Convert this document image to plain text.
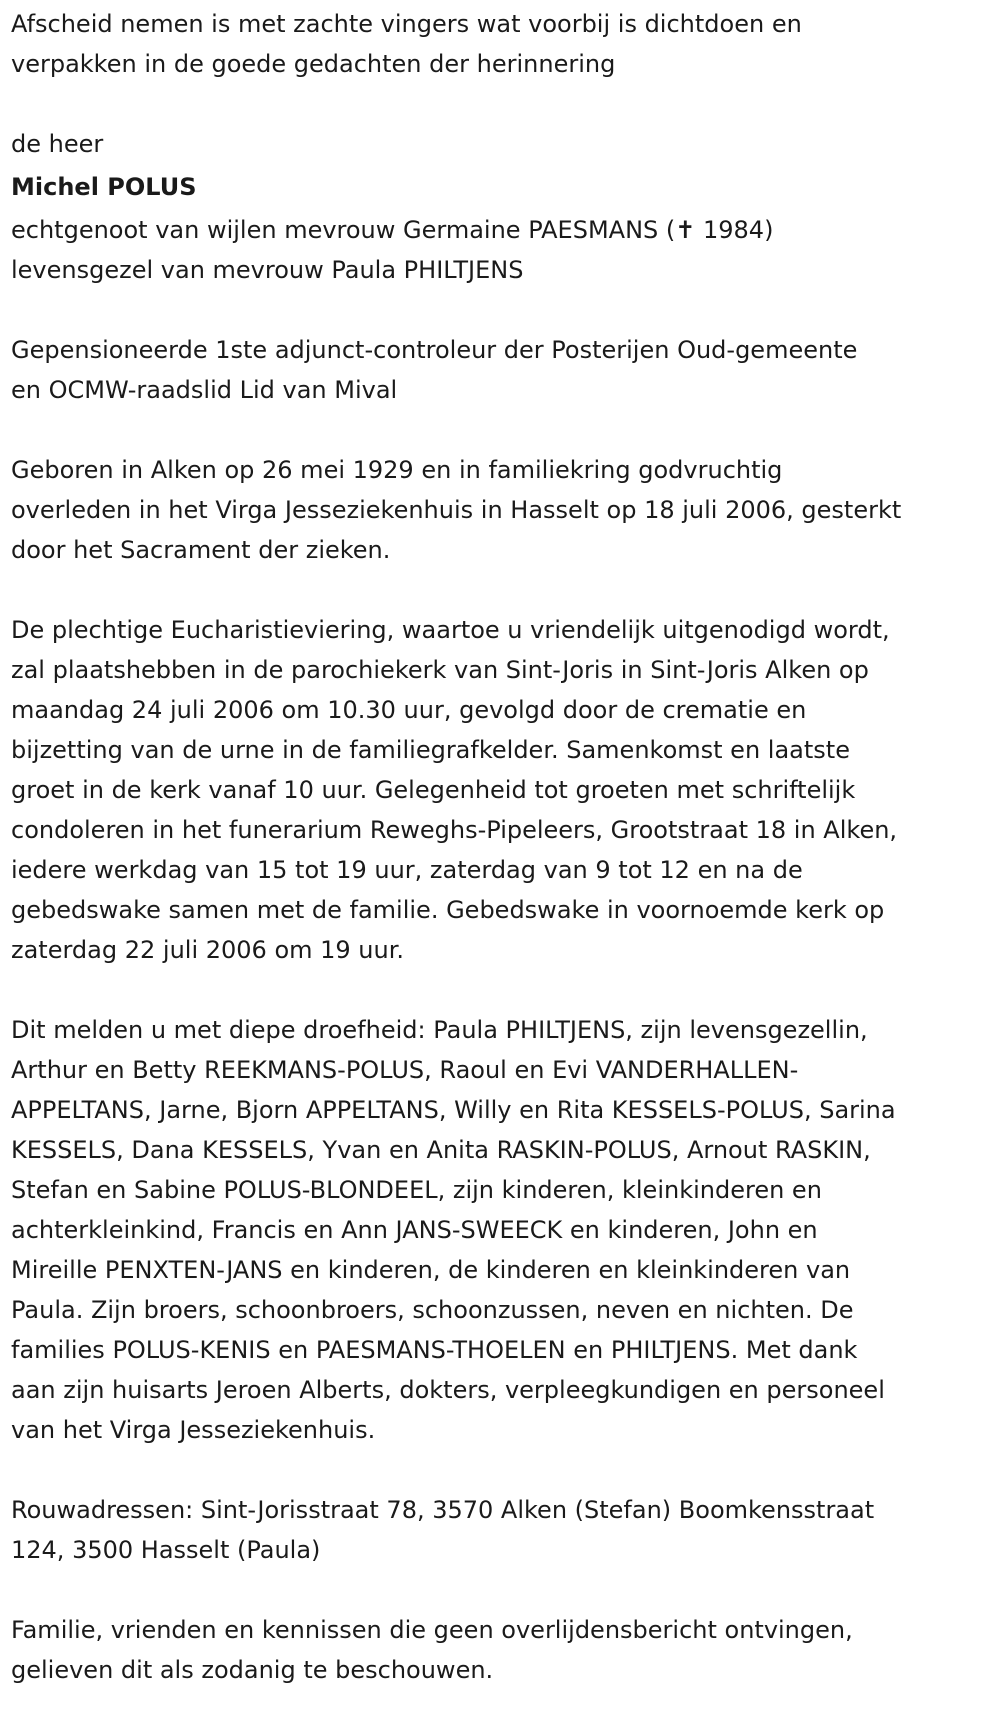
Afscheid nemen is met zachte vingers wat voorbij is dichtdoen en
verpakken in de goede gedachten der herinnering

de heer

Michel POLUS

echtgenoot van wijlen mevrouw Germaine PAESMANS (✝ 1984)
levensgezel van mevrouw Paula PHILTJENS

Gepensioneerde 1ste adjunct-controleur der Posterijen Oud-gemeente
en OCMW-raadslid Lid van Mival

Geboren in Alken op 26 mei 1929 en in familiekring godvruchtig
overleden in het Virga Jesseziekenhuis in Hasselt op 18 juli 2006, gesterkt
door het Sacrament der zieken.

De plechtige Eucharistieviering, waartoe u vriendelijk uitgenodigd wordt,
zal plaatshebben in de parochiekerk van Sint-Joris in Sint-Joris Alken op
maandag 24 juli 2006 om 10.30 uur, gevolgd door de crematie en
bijzetting van de urne in de familiegrafkelder. Samenkomst en laatste
groet in de kerk vanaf 10 uur. Gelegenheid tot groeten met schriftelijk
condoleren in het funerarium Reweghs-Pipeleers, Grootstraat 18 in Alken,
iedere werkdag van 15 tot 19 uur, zaterdag van 9 tot 12 en na de
gebedswake samen met de familie. Gebedswake in voornoemde kerk op
zaterdag 22 juli 2006 om 19 uur.

Dit melden u met diepe droefheid: Paula PHILTJENS, zijn levensgezellin,
Arthur en Betty REEKMANS-POLUS, Raoul en Evi VANDERHALLEN-
APPELTANS, Jarne, Bjorn APPELTANS, Willy en Rita KESSELS-POLUS, Sarina
KESSELS, Dana KESSELS, Yvan en Anita RASKIN-POLUS, Arnout RASKIN,
Stefan en Sabine POLUS-BLONDEEL, zijn kinderen, kleinkinderen en
achterkleinkind, Francis en Ann JANS-SWEECK en kinderen, John en
Mireille PENXTEN-JANS en kinderen, de kinderen en kleinkinderen van
Paula. Zijn broers, schoonbroers, schoonzussen, neven en nichten. De
families POLUS-KENIS en PAESMANS-THOELEN en PHILTJENS. Met dank
aan zijn huisarts Jeroen Alberts, dokters, verpleegkundigen en personeel
van het Virga Jesseziekenhuis.

Rouwadressen: Sint-Jorisstraat 78, 3570 Alken (Stefan) Boomkensstraat
124, 3500 Hasselt (Paula)

Familie, vrienden en kennissen die geen overlijdensbericht ontvingen,
gelieven dit als zodanig te beschouwen.
